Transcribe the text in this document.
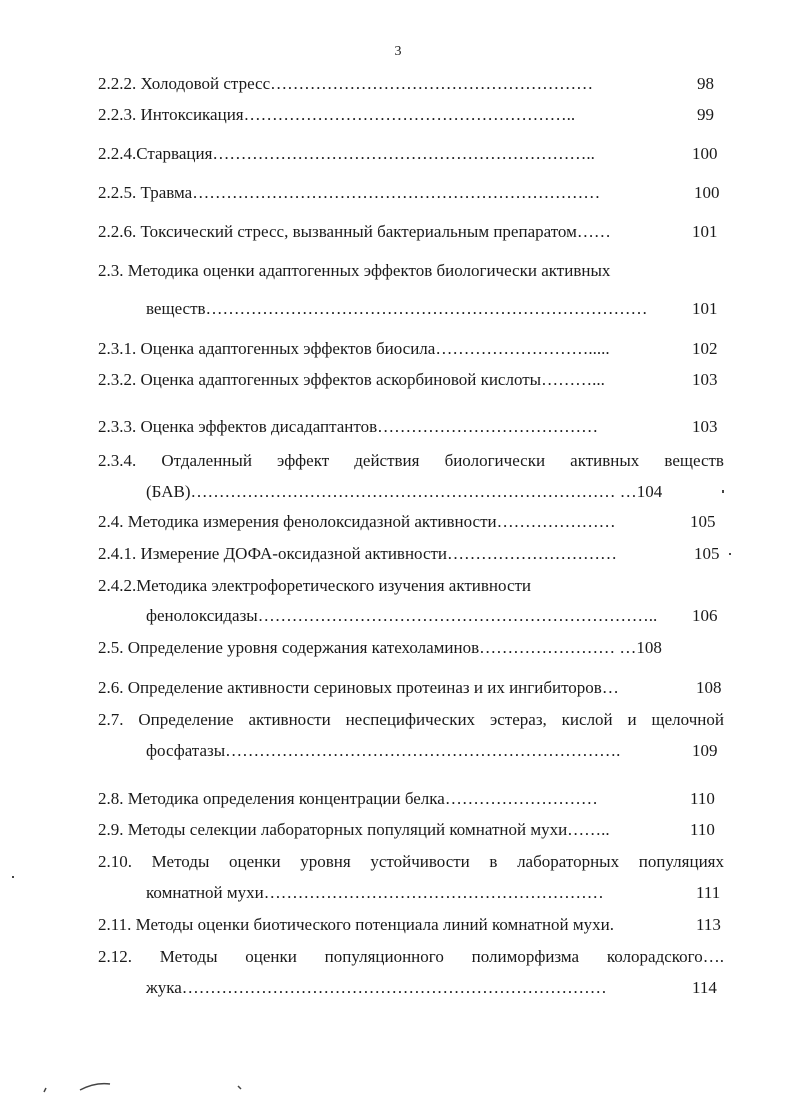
3
2.2.2. Холодовой стресс…………………………………………………	98
2.2.3. Интоксикация…………………………………………………..	99
2.2.4.Старвация…………………………………………………………..	100
2.2.5. Травма………………………………………………………………	100
2.2.6. Токсический стресс, вызванный бактериальным препаратом……	101
2.3. Методика оценки адаптогенных эффектов биологически активных
веществ……………………………………………………………………	101
2.3.1. Оценка адаптогенных эффектов биосила……………………….....	102
2.3.2. Оценка адаптогенных эффектов аскорбиновой кислоты………...	103
2.3.3. Оценка эффектов дисадаптантов…………………………………	103
2.3.4. Отдаленный эффект действия биологически активных веществ
(БАВ)………………………………………………………………… …104
2.4. Методика измерения фенолоксидазной активности…………………	105
2.4.1. Измерение ДОФА-оксидазной активности…………………………	105
2.4.2.Методика электрофоретического изучения активности
фенолоксидазы…………………………………………………………….. 106
2.5. Определение уровня содержания катехоламинов…………………… …108
2.6. Определение активности сериновых протеиназ и их ингибиторов…	108
2.7. Определение активности неспецифических эстераз, кислой и щелочной
фосфатазы…………………………………………………………….	109
2.8. Методика определения концентрации белка………………………	110
2.9. Методы селекции лабораторных популяций комнатной мухи……..	110
2.10. Методы оценки уровня устойчивости в лабораторных популяциях
комнатной мухи……………………………………………………	111
2.11. Методы оценки биотического потенциала линий комнатной мухи.	113
2.12. Методы оценки популяционного полиморфизма колорадского….
жука…………………………………………………………………	114
